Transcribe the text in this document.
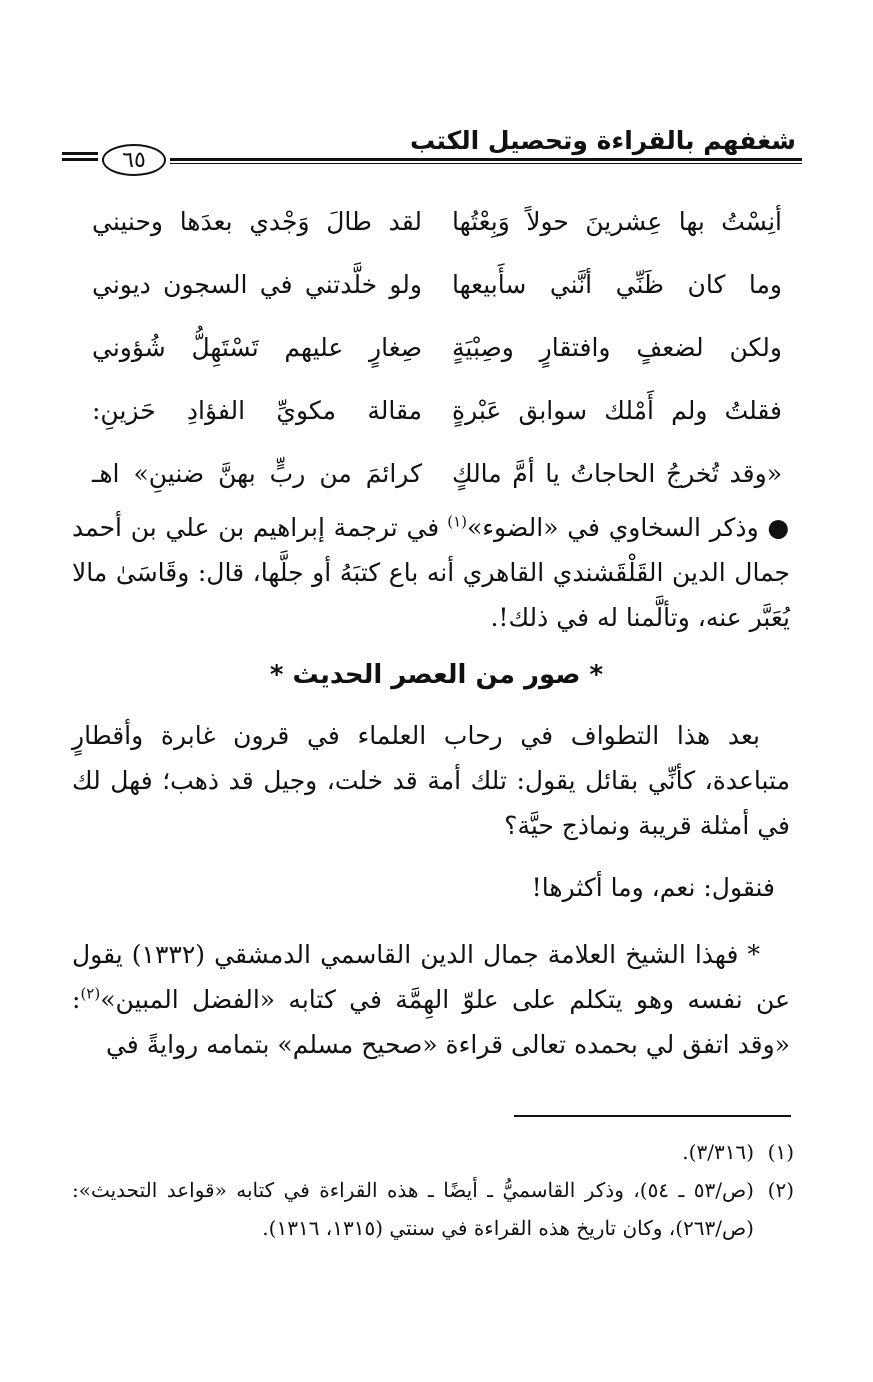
شغفهم بالقراءة وتحصيل الكتب
٦٥
أنِسْتُ بها عِشرينَ حولاً وَبِعْتُها
لقد طالَ وَجْدي بعدَها وحنيني
وما كان ظَنِّي أنَّني سأَبيعها
ولو خلَّدتني في السجون ديوني
ولكن لضعفٍ وافتقارٍ وصِبْيَةٍ
صِغارٍ عليهم تَسْتَهِلُّ شُؤوني
فقلتُ ولم أَمْلك سوابق عَبْرةٍ
مقالة مكويِّ الفؤادِ حَزينِ:
«وقد تُخرجُ الحاجاتُ يا أمَّ مالكٍ
كرائمَ من ربٍّ بهنَّ ضنينِ» اهـ
● وذكر السخاوي في «الضوء»$^{(١)}$ في ترجمة إبراهيم بن علي بن أحمد جمال الدين القَلْقَشندي القاهري أنه باع كتبَهُ أو جلَّها، قال: وقَاسَىٰ مالا يُعَبَّر عنه، وتألَّمنا له في ذلك!.
* صور من العصر الحديث *
بعد هذا التطواف في رحاب العلماء في قرون غابرة وأقطارٍ متباعدة، كأنِّي بقائل يقول: تلك أمة قد خلت، وجيل قد ذهب؛ فهل لك في أمثلة قريبة ونماذج حيَّة؟
فنقول: نعم، وما أكثرها!
* فهذا الشيخ العلامة جمال الدين القاسمي الدمشقي (١٣٣٢) يقول عن نفسه وهو يتكلم على علوّ الهِمَّة في كتابه «الفضل المبين»$^{(٢)}$: «وقد اتفق لي بحمده تعالى قراءة «صحيح مسلم» بتمامه روايةً في
(١)
(٣/٣١٦).
(٢)
(ص/٥٣ ـ ٥٤)، وذكر القاسميُّ ـ أيضًا ـ هذه القراءة في كتابه «قواعد التحديث»: (ص/٢٦٣)، وكان تاريخ هذه القراءة في سنتي (١٣١٥، ١٣١٦).
